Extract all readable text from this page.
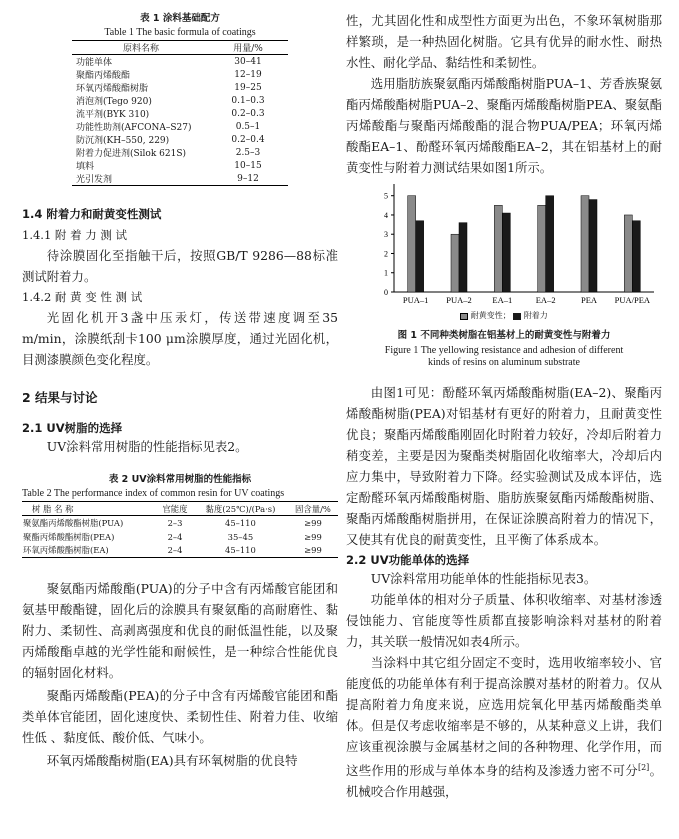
表 1 涂料基础配方
Table 1 The basic formula of coatings
原料名称	用量/%
功能单体	30–41
聚酯丙烯酸酯	12–19
环氧丙烯酸酯树脂	19–25
消泡剂(Tego 920)	0.1–0.3
流平剂(BYK 310)	0.2–0.3
功能性助剂(AFCONA–S27)	0.5–1
防沉剂(KH–550, 229)	0.2–0.4
附着力促进剂(Silok 621S)	2.5–3
填料	10–15
光引发剂	9–12
1.4 附着力和耐黄变性测试
1.4.1 附 着 力 测 试

待涂膜固化至指触干后，按照GB/T 9286—88标准测试附着力。

1.4.2 耐 黄 变 性 测 试

光固化机开3盏中压汞灯，传送带速度调至35 m/min，涂膜纸刮卡100 μm涂膜厚度，通过光固化机，目测漆膜颜色变化程度。

2 结果与讨论
2.1 UV树脂的选择

UV涂料常用树脂的性能指标见表2。

表 2 UV涂料常用树脂的性能指标
Table 2 The performance index of common resin for UV coatings
树 脂 名 称	官能度	黏度(25℃)/(Pa·s)	固含量/%
聚氨酯丙烯酸酯树脂(PUA)	2–3	45–110	≥99
聚酯丙烯酸酯树脂(PEA)	2–4	35–45	≥99
环氧丙烯酸酯树脂(EA)	2–4	45–110	≥99

聚氨酯丙烯酸酯(PUA)的分子中含有丙烯酸官能团和氨基甲酸酯键，固化后的涂膜具有聚氨酯的高耐磨性、黏附力、柔韧性、高剥离强度和优良的耐低温性能，以及聚丙烯酸酯卓越的光学性能和耐候性，是一种综合性能优良的辐射固化材料。

聚酯丙烯酸酯(PEA)的分子中含有丙烯酸官能团和酯类单体官能团，固化速度快、柔韧性佳、附着力佳、收缩性低 、黏度低、酸价低、气味小。

环氧丙烯酸酯树脂(EA)具有环氧树脂的优良特

性，尤其固化性和成型性方面更为出色，不象环氧树脂那样繁琐，是一种热固化树脂。它具有优异的耐水性、耐热水性、耐化学品、黏结性和柔韧性。

选用脂肪族聚氨酯丙烯酸酯树脂PUA–1、芳香族聚氨酯丙烯酸酯树脂PUA–2、聚酯丙烯酸酯树脂PEA、聚氨酯丙烯酸酯与聚酯丙烯酸酯的混合物PUA/PEA；环氧丙烯酸酯EA–1、酚醛环氧丙烯酸酯EA–2，其在铝基材上的耐黄变性与附着力测试结果如图1所示。

0
1
2
3
4
5
PUA–1 PUA–2 EA–1	EA–2	PEA PUA/PEA
耐黄变性；  附着力
图 1 不同种类树脂在铝基材上的耐黄变性与附着力
Figure 1 The yellowing resistance and adhesion of different
kinds of resins on aluminum substrate

由图1可见：酚醛环氧丙烯酸酯树脂(EA–2)、聚酯丙烯酸酯树脂(PEA)对铝基材有更好的附着力，且耐黄变性优良；聚酯丙烯酸酯刚固化时附着力较好，冷却后附着力稍变差，主要是因为聚酯类树脂固化收缩率大，冷却后内应力集中，导致附着力下降。经实验测试及成本评估，选定酚醛环氧丙烯酸酯树脂、脂肪族聚氨酯丙烯酸酯树脂、聚酯丙烯酸酯树脂拼用，在保证涂膜高附着力的情况下，又使其有优良的耐黄变性，且平衡了体系成本。

2.2 UV功能单体的选择

UV涂料常用功能单体的性能指标见表3。

功能单体的相对分子质量、体积收缩率、对基材渗透侵蚀能力、官能度等性质都直接影响涂料对基材的附着力，其关联一般情况如表4所示。

当涂料中其它组分固定不变时，选用收缩率较小、官能度低的功能单体有利于提高涂膜对基材的附着力。仅从提高附着力角度来说，应选用烷氧化甲基丙烯酸酯类单体。但是仅考虑收缩率是不够的，从某种意义上讲，我们应该重视涂膜与金属基材之间的各种物理、化学作用，而这些作用的形成与单体本身的结构及渗透力密不可分[2]。机械咬合作用越强，
